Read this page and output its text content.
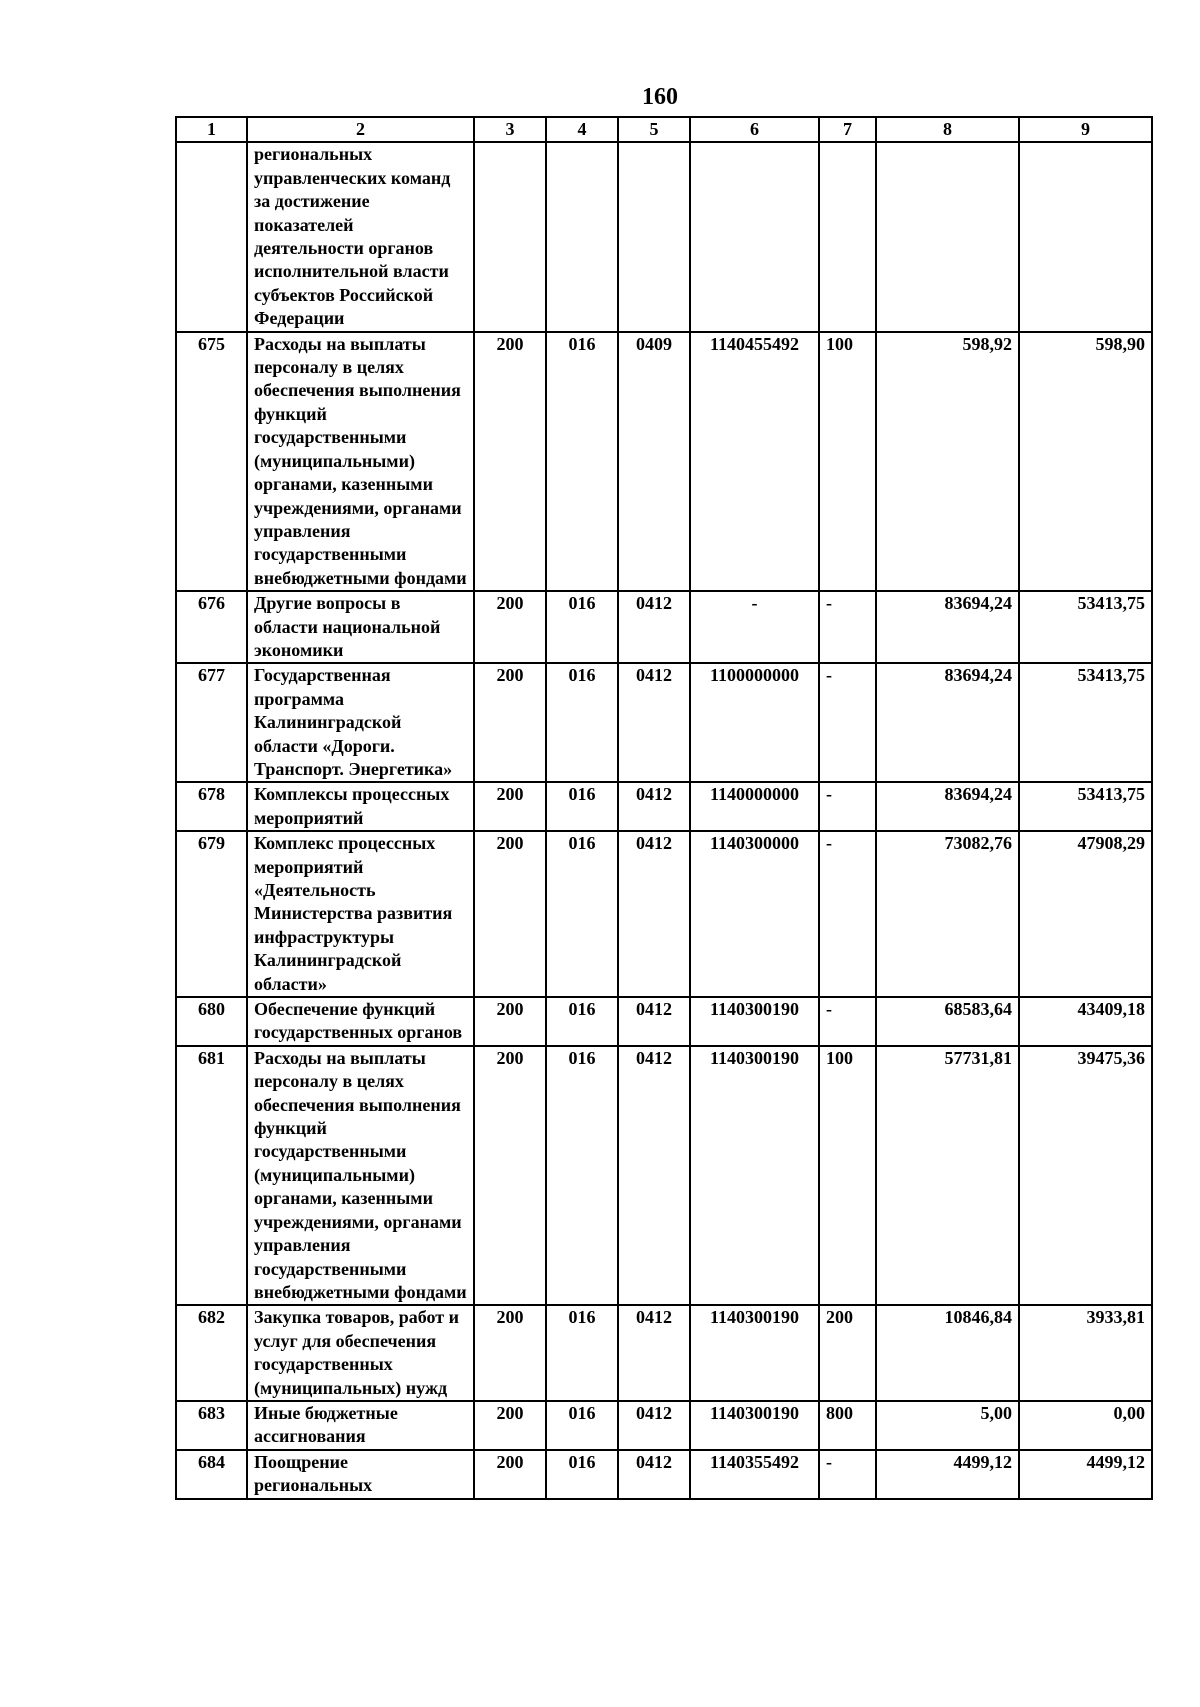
160
1	2	3	4	5	6	7	8	9
	региональных управленческих команд за достижение показателей деятельности органов исполнительной власти субъектов Российской Федерации							
675	Расходы на выплаты персоналу в целях обеспечения выполнения функций государственными (муниципальными) органами, казенными учреждениями, органами управления государственными внебюджетными фондами	200	016	0409	1140455492	100	598,92	598,90
676	Другие вопросы в области национальной экономики	200	016	0412	-	-	83694,24	53413,75
677	Государственная программа Калининградской области «Дороги. Транспорт. Энергетика»	200	016	0412	1100000000	-	83694,24	53413,75
678	Комплексы процессных мероприятий	200	016	0412	1140000000	-	83694,24	53413,75
679	Комплекс процессных мероприятий «Деятельность Министерства развития инфраструктуры Калининградской области»	200	016	0412	1140300000	-	73082,76	47908,29
680	Обеспечение функций государственных органов	200	016	0412	1140300190	-	68583,64	43409,18
681	Расходы на выплаты персоналу в целях обеспечения выполнения функций государственными (муниципальными) органами, казенными учреждениями, органами управления государственными внебюджетными фондами	200	016	0412	1140300190	100	57731,81	39475,36
682	Закупка товаров, работ и услуг для обеспечения государственных (муниципальных) нужд	200	016	0412	1140300190	200	10846,84	3933,81
683	Иные бюджетные ассигнования	200	016	0412	1140300190	800	5,00	0,00
684	Поощрение региональных	200	016	0412	1140355492	-	4499,12	4499,12
